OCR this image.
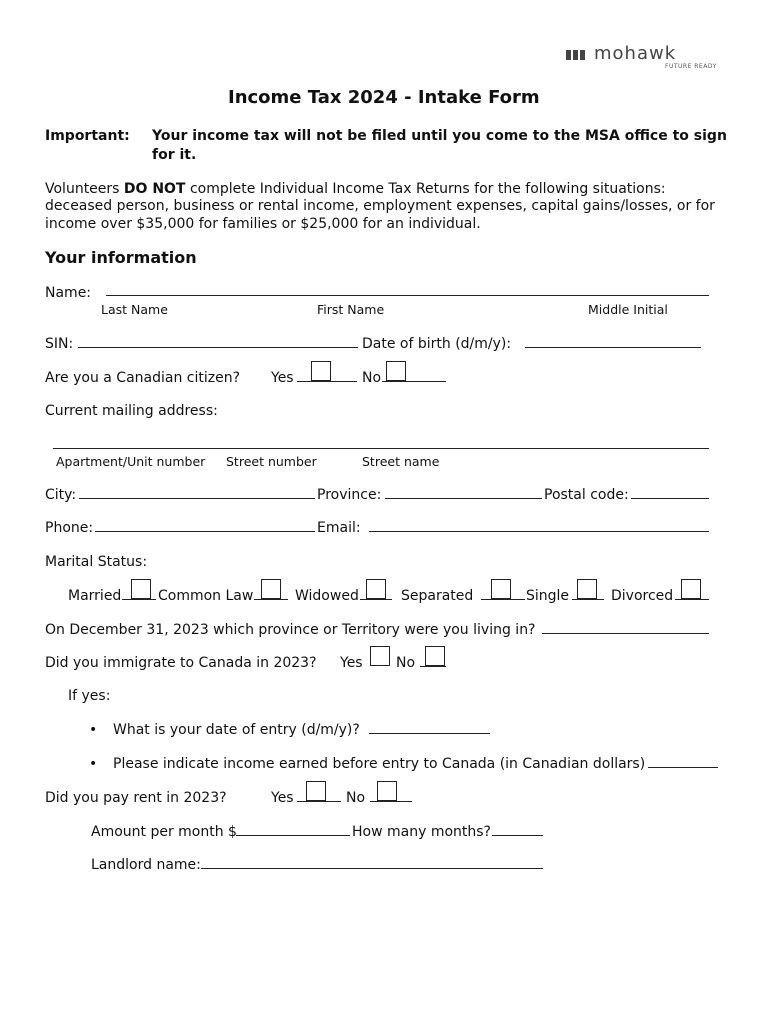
mohawk
FUTURE READY
Income Tax 2024 - Intake Form
Important: Your income tax will not be filed until you come to the MSA office to sign
for it.
Volunteers DO NOT complete Individual Income Tax Returns for the following situations:
deceased person, business or rental income, employment expenses, capital gains/losses, or for
income over $35,000 for families or $25,000 for an individual.
Your information
Name:
Last Name	First Name	Middle Initial
SIN:	Date of birth (d/m/y):
Are you a Canadian citizen? Yes	No
Current mailing address:
Apartment/Unit number Street number	Street name
City:	Province:	Postal code:
Phone:	Email:
Marital Status:
Married	Common Law	Widowed	Separated	Single	Divorced
On December 31, 2023 which province or Territory were you living in?
Did you immigrate to Canada in 2023? Yes No
If yes:
• What is your date of entry (d/m/y)?
• Please indicate income earned before entry to Canada (in Canadian dollars)
Did you pay rent in 2023?	Yes	No
Amount per month $	How many months?
Landlord name:
